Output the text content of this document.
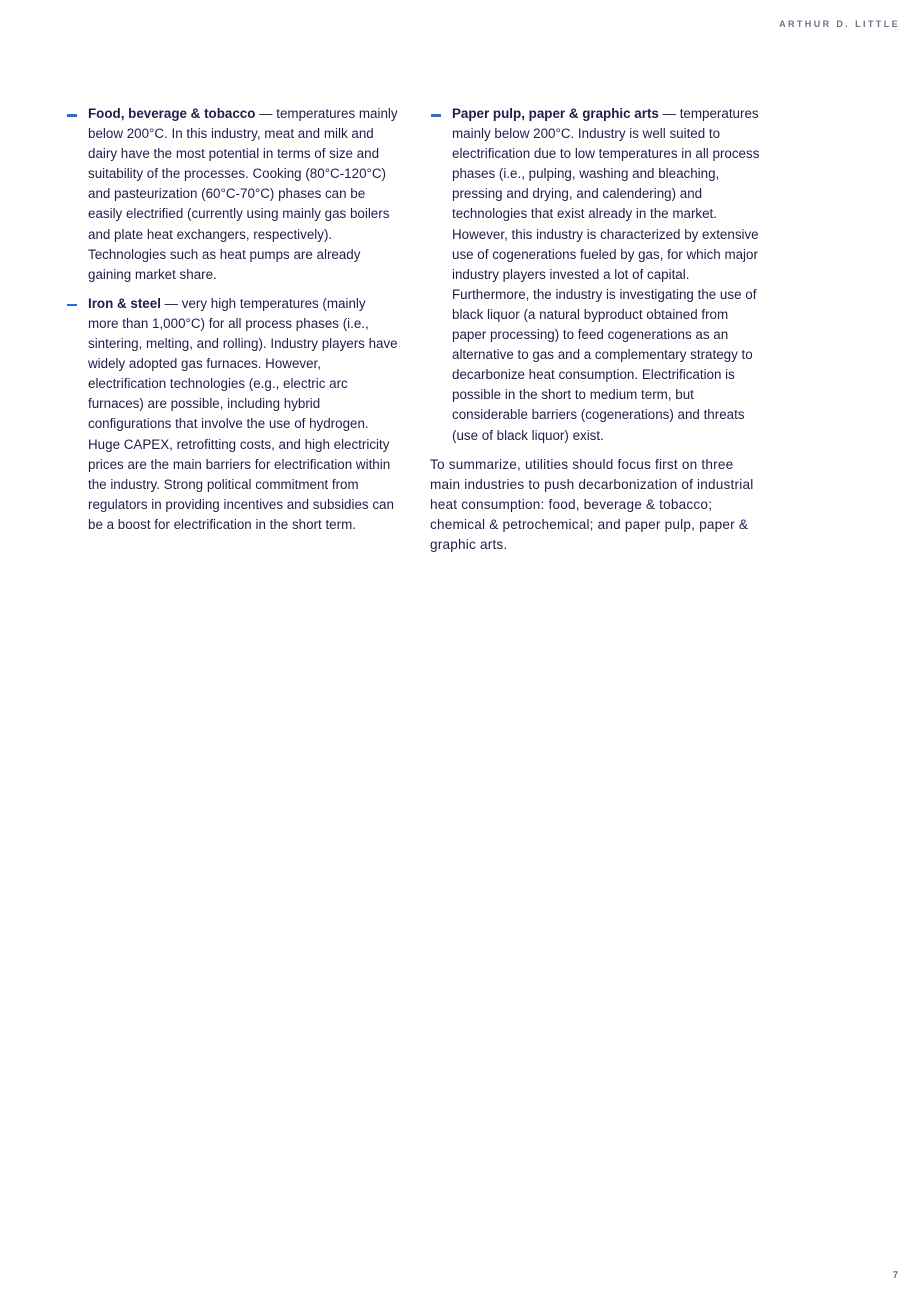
ARTHUR D. LITTLE
Food, beverage & tobacco — temperatures mainly below 200°C. In this industry, meat and milk and dairy have the most potential in terms of size and suitability of the processes. Cooking (80°C-120°C) and pasteurization (60°C-70°C) phases can be easily electrified (currently using mainly gas boilers and plate heat exchangers, respectively). Technologies such as heat pumps are already gaining market share.
Iron & steel — very high temperatures (mainly more than 1,000°C) for all process phases (i.e., sintering, melting, and rolling). Industry players have widely adopted gas furnaces. However, electrification technologies (e.g., electric arc furnaces) are possible, including hybrid configurations that involve the use of hydrogen. Huge CAPEX, retrofitting costs, and high electricity prices are the main barriers for electrification within the industry. Strong political commitment from regulators in providing incentives and subsidies can be a boost for electrification in the short term.
Paper pulp, paper & graphic arts — temperatures mainly below 200°C. Industry is well suited to electrification due to low temperatures in all process phases (i.e., pulping, washing and bleaching, pressing and drying, and calendering) and technologies that exist already in the market. However, this industry is characterized by extensive use of cogenerations fueled by gas, for which major industry players invested a lot of capital. Furthermore, the industry is investigating the use of black liquor (a natural byproduct obtained from paper processing) to feed cogenerations as an alternative to gas and a complementary strategy to decarbonize heat consumption. Electrification is possible in the short to medium term, but considerable barriers (cogenerations) and threats (use of black liquor) exist.

To summarize, utilities should focus first on three main industries to push decarbonization of industrial heat consumption: food, beverage & tobacco; chemical & petrochemical; and paper pulp, paper & graphic arts.

7
